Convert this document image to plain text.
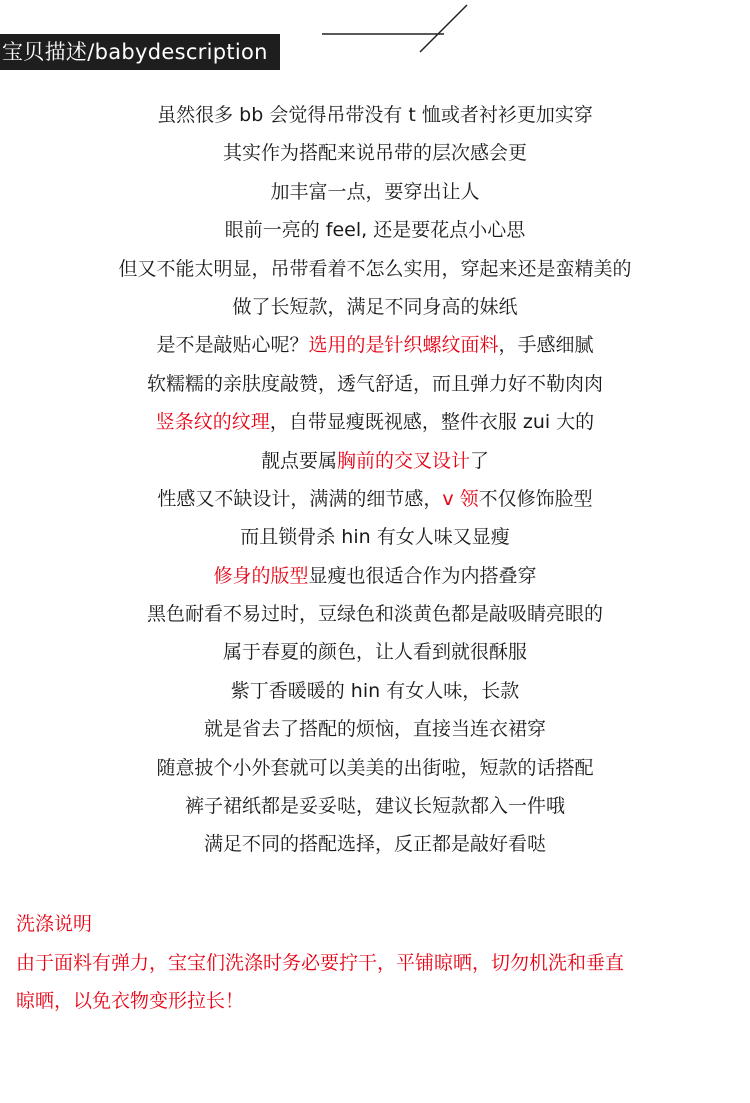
宝贝描述/babydescription
虽然很多 bb 会觉得吊带没有 t 恤或者衬衫更加实穿
其实作为搭配来说吊带的层次感会更
加丰富一点，要穿出让人
眼前一亮的 feel, 还是要花点小心思
但又不能太明显，吊带看着不怎么实用，穿起来还是蛮精美的
做了长短款，满足不同身高的妹纸
是不是敲贴心呢？选用的是针织螺纹面料，手感细腻
软糯糯的亲肤度敲赞，透气舒适，而且弹力好不勒肉肉
竖条纹的纹理，自带显瘦既视感，整件衣服 zui 大的
靓点要属胸前的交叉设计了
性感又不缺设计，满满的细节感，v 领不仅修饰脸型
而且锁骨杀 hin 有女人味又显瘦
修身的版型显瘦也很适合作为内搭叠穿
黑色耐看不易过时，豆绿色和淡黄色都是敲吸睛亮眼的
属于春夏的颜色，让人看到就很酥服
紫丁香暖暖的 hin 有女人味，长款
就是省去了搭配的烦恼，直接当连衣裙穿
随意披个小外套就可以美美的出街啦，短款的话搭配
裤子裙纸都是妥妥哒，建议长短款都入一件哦
满足不同的搭配选择，反正都是敲好看哒
洗涤说明
由于面料有弹力，宝宝们洗涤时务必要拧干，平铺晾晒，切勿机洗和垂直
晾晒，以免衣物变形拉长！
